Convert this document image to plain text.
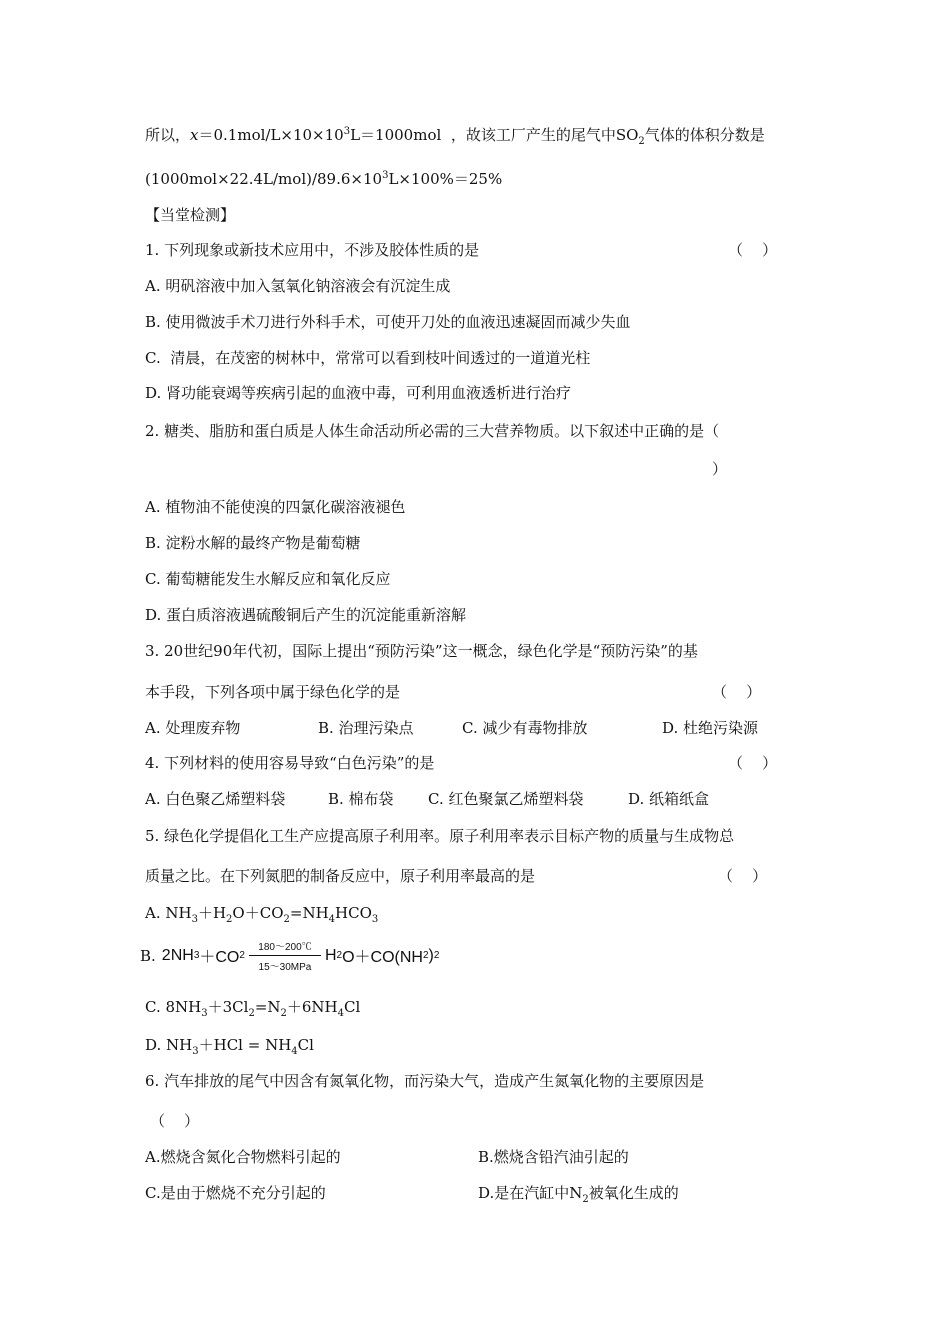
所以，$x=0.1mol/L\times 10\times 10^3L=1000mol$  ，故该工厂产生的尾气中$SO_2$气体的体积分数是
$(1000mol\times 22.4L/mol)/89.6\times 10^3L\times 100\%=25\%$
【当堂检测】
1. 下列现象或新技术应用中，不涉及胶体性质的是	（    ）
A. 明矾溶液中加入氢氧化钠溶液会有沉淀生成
B. 使用微波手术刀进行外科手术，可使开刀处的血液迅速凝固而减少失血
C.  清晨，在茂密的树林中，常常可以看到枝叶间透过的一道道光柱
D. 肾功能衰竭等疾病引起的血液中毒，可利用血液透析进行治疗
2. 糖类、脂肪和蛋白质是人体生命活动所必需的三大营养物质。以下叙述中正确的是（
）
A. 植物油不能使溴的四氯化碳溶液褪色
B. 淀粉水解的最终产物是葡萄糖
C. 葡萄糖能发生水解反应和氧化反应
D. 蛋白质溶液遇硫酸铜后产生的沉淀能重新溶解
3. 20世纪90年代初，国际上提出“预防污染”这一概念，绿色化学是“预防污染”的基
本手段，下列各项中属于绿色化学的是	（    ）
A. 处理废弃物	B. 治理污染点	C. 减少有毒物排放	D. 杜绝污染源
4. 下列材料的使用容易导致“白色污染”的是	（    ）
A. 白色聚乙烯塑料袋	B. 棉布袋 C. 红色聚氯乙烯塑料袋	D. 纸箱纸盒
5. 绿色化学提倡化工生产应提高原子利用率。原子利用率表示目标产物的质量与生成物总
质量之比。在下列氮肥的制备反应中，原子利用率最高的是	（    ）
A. $NH_3+H_2O+CO_2=NH_4HCO_3$
B. 2NH 3 ＋CO $2 \frac{180\sim 200℃}{\text{15～30MPa}}$ H 2 O＋CO(NH 2 ) 2
C. $8NH_3+3Cl_2=N_2+6NH_4Cl$
D. $NH_3+HCl = NH_4Cl$
6. 汽车排放的尾气中因含有氮氧化物，而污染大气，造成产生氮氧化物的主要原因是
（    ）
A.燃烧含氮化合物燃料引起的	B.燃烧含铅汽油引起的
C.是由于燃烧不充分引起的	D.是在汽缸中$N_2$被氧化生成的
